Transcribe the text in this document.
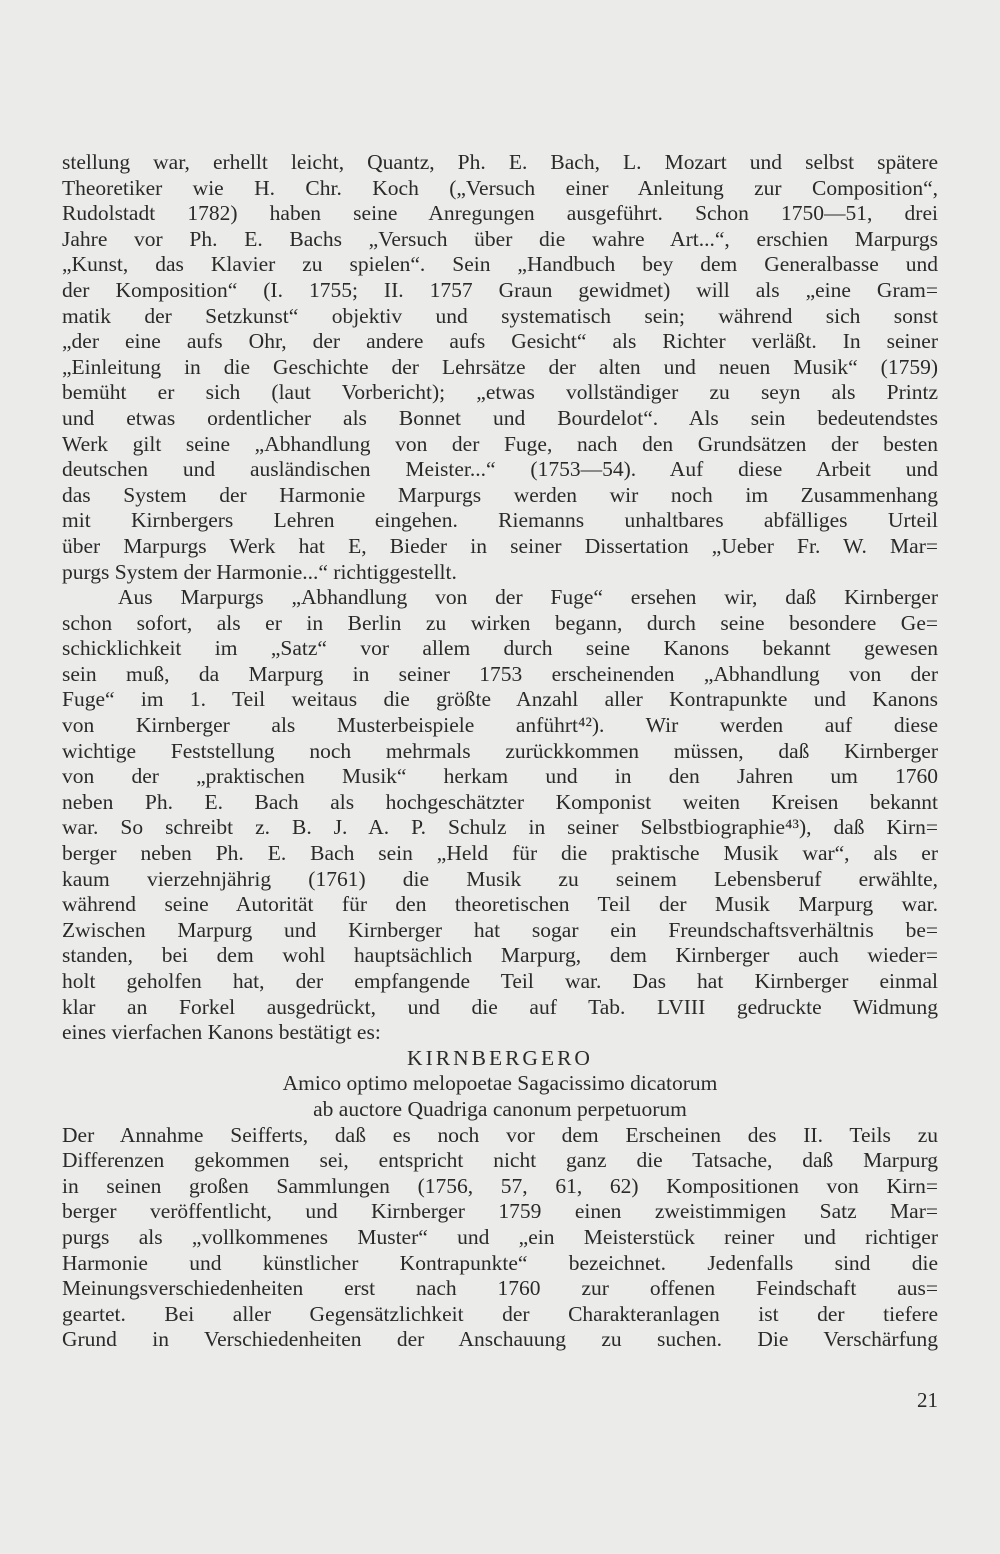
stellung war, erhellt leicht, Quantz, Ph. E. Bach, L. Mozart und selbst spätere
Theoretiker wie H. Chr. Koch („Versuch einer Anleitung zur Composition“,
Rudolstadt 1782) haben seine Anregungen ausgeführt. Schon 1750—51, drei
Jahre vor Ph. E. Bachs „Versuch über die wahre Art...“, erschien Marpurgs
„Kunst, das Klavier zu spielen“. Sein „Handbuch bey dem Generalbasse und
der Komposition“ (I. 1755; II. 1757 Graun gewidmet) will als „eine Gram=
matik der Setzkunst“ objektiv und systematisch sein; während sich sonst
„der eine aufs Ohr, der andere aufs Gesicht“ als Richter verläßt. In seiner
„Einleitung in die Geschichte der Lehrsätze der alten und neuen Musik“ (1759)
bemüht er sich (laut Vorbericht); „etwas vollständiger zu seyn als Printz
und etwas ordentlicher als Bonnet und Bourdelot“. Als sein bedeutendstes
Werk gilt seine „Abhandlung von der Fuge, nach den Grundsätzen der besten
deutschen und ausländischen Meister...“ (1753—54). Auf diese Arbeit und
das System der Harmonie Marpurgs werden wir noch im Zusammenhang
mit Kirnbergers Lehren eingehen. Riemanns unhaltbares abfälliges Urteil
über Marpurgs Werk hat E, Bieder in seiner Dissertation „Ueber Fr. W. Mar=
purgs System der Harmonie...“ richtiggestellt.
Aus Marpurgs „Abhandlung von der Fuge“ ersehen wir, daß Kirnberger
schon sofort, als er in Berlin zu wirken begann, durch seine besondere Ge=
schicklichkeit im „Satz“ vor allem durch seine Kanons bekannt gewesen
sein muß, da Marpurg in seiner 1753 erscheinenden „Abhandlung von der
Fuge“ im 1. Teil weitaus die größte Anzahl aller Kontrapunkte und Kanons
von Kirnberger als Musterbeispiele anführt⁴²). Wir werden auf diese
wichtige Feststellung noch mehrmals zurückkommen müssen, daß Kirnberger
von der „praktischen Musik“ herkam und in den Jahren um 1760
neben Ph. E. Bach als hochgeschätzter Komponist weiten Kreisen bekannt
war. So schreibt z. B. J. A. P. Schulz in seiner Selbstbiographie⁴³), daß Kirn=
berger neben Ph. E. Bach sein „Held für die praktische Musik war“, als er
kaum vierzehnjährig (1761) die Musik zu seinem Lebensberuf erwählte,
während seine Autorität für den theoretischen Teil der Musik Marpurg war.
Zwischen Marpurg und Kirnberger hat sogar ein Freundschaftsverhältnis be=
standen, bei dem wohl hauptsächlich Marpurg, dem Kirnberger auch wieder=
holt geholfen hat, der empfangende Teil war. Das hat Kirnberger einmal
klar an Forkel ausgedrückt, und die auf Tab. LVIII gedruckte Widmung
eines vierfachen Kanons bestätigt es:
KIRNBERGERO
Amico optimo melopoetae Sagacissimo dicatorum
ab auctore Quadriga canonum perpetuorum
Der Annahme Seifferts, daß es noch vor dem Erscheinen des II. Teils zu
Differenzen gekommen sei, entspricht nicht ganz die Tatsache, daß Marpurg
in seinen großen Sammlungen (1756, 57, 61, 62) Kompositionen von Kirn=
berger veröffentlicht, und Kirnberger 1759 einen zweistimmigen Satz Mar=
purgs als „vollkommenes Muster“ und „ein Meisterstück reiner und richtiger
Harmonie und künstlicher Kontrapunkte“ bezeichnet. Jedenfalls sind die
Meinungsverschiedenheiten erst nach 1760 zur offenen Feindschaft aus=
geartet. Bei aller Gegensätzlichkeit der Charakteranlagen ist der tiefere
Grund in Verschiedenheiten der Anschauung zu suchen. Die Verschärfung
21
